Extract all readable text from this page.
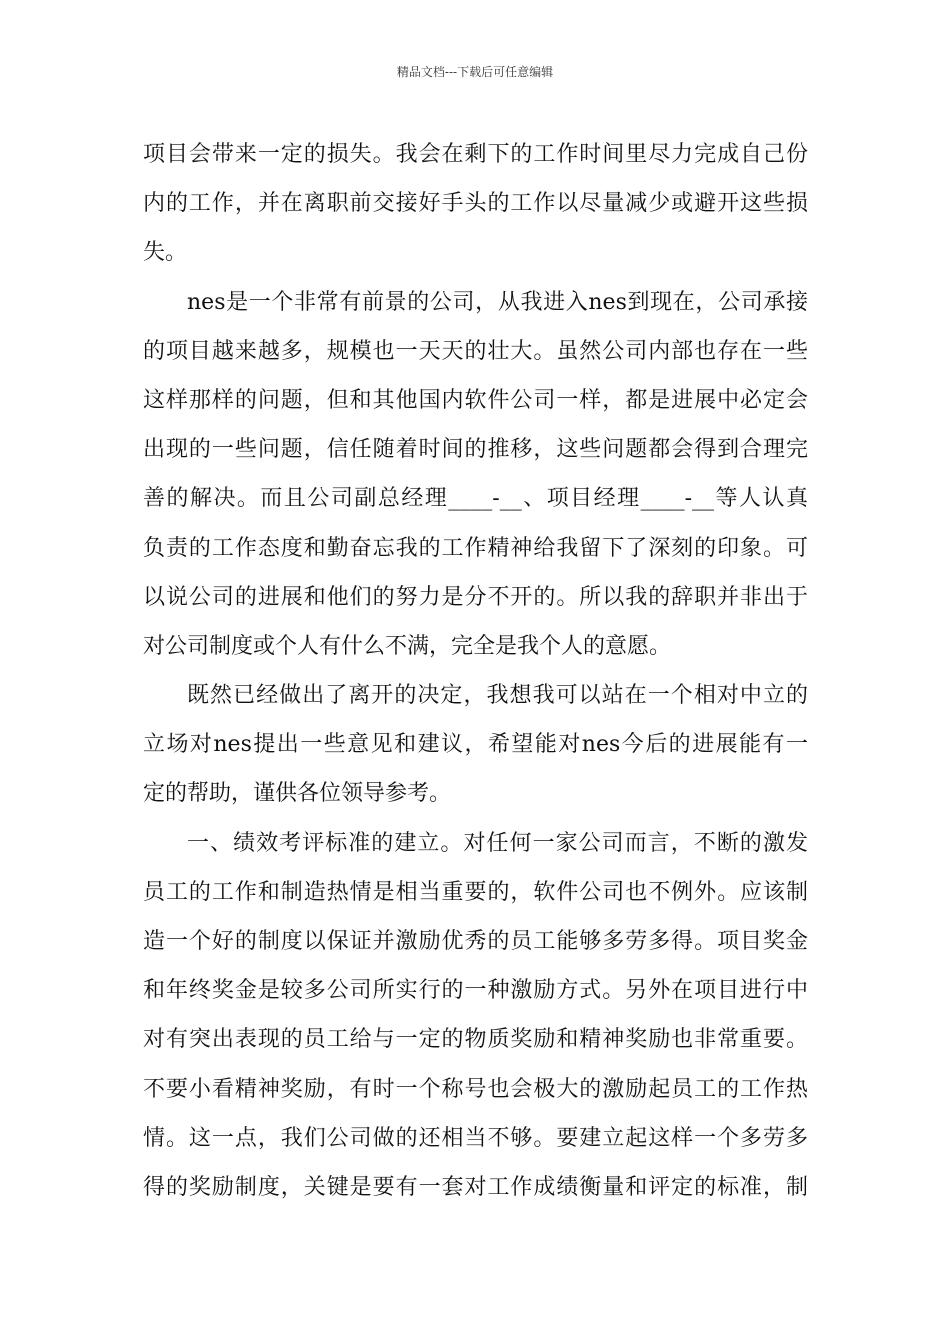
精品文档---下载后可任意编辑
项目会带来一定的损失。我会在剩下的工作时间里尽力完成自己份
内的工作，并在离职前交接好手头的工作以尽量减少或避开这些损
失。
nes是一个非常有前景的公司，从我进入nes到现在，公司承接
的项目越来越多，规模也一天天的壮大。虽然公司内部也存在一些
这样那样的问题，但和其他国内软件公司一样，都是进展中必定会
出现的一些问题，信任随着时间的推移，这些问题都会得到合理完
善的解决。而且公司副总经理____-__、项目经理____-__等人认真
负责的工作态度和勤奋忘我的工作精神给我留下了深刻的印象。可
以说公司的进展和他们的努力是分不开的。所以我的辞职并非出于
对公司制度或个人有什么不满，完全是我个人的意愿。
既然已经做出了离开的决定，我想我可以站在一个相对中立的
立场对nes提出一些意见和建议，希望能对nes今后的进展能有一
定的帮助，谨供各位领导参考。
一、绩效考评标准的建立。对任何一家公司而言，不断的激发
员工的工作和制造热情是相当重要的，软件公司也不例外。应该制
造一个好的制度以保证并激励优秀的员工能够多劳多得。项目奖金
和年终奖金是较多公司所实行的一种激励方式。另外在项目进行中
对有突出表现的员工给与一定的物质奖励和精神奖励也非常重要。
不要小看精神奖励，有时一个称号也会极大的激励起员工的工作热
情。这一点，我们公司做的还相当不够。要建立起这样一个多劳多
得的奖励制度，关键是要有一套对工作成绩衡量和评定的标准，制
